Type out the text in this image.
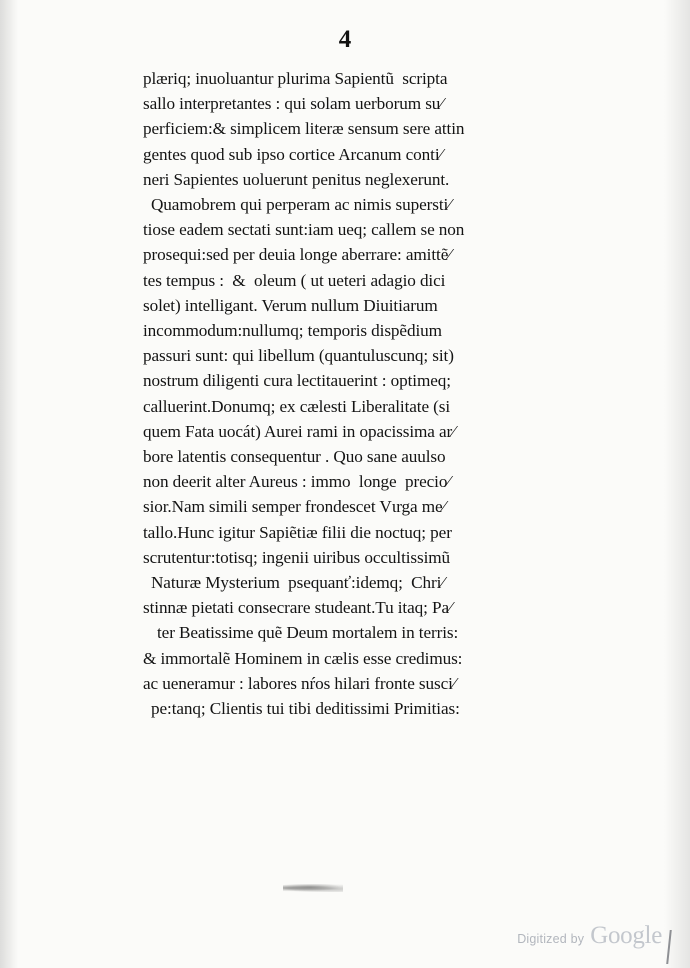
4
plæriq; inuoluantur plurima Sapientũ  scripta
sallo interpretantes : qui solam uerborum su⁄
perficiem:& simplicem literæ sensum sere attin
gentes quod sub ipso cortice Arcanum conti⁄
neri Sapientes uoluerunt penitus neglexerunt.
Quamobrem qui perperam ac nimis supersti⁄
tiose eadem sectati sunt:iam ueq; callem se non
prosequi:sed per deuia longe aberrare: amittẽ⁄
tes tempus :  &  oleum ( ut ueteri adagio dici
solet) intelligant. Verum nullum Diuitiarum
incommodum:nullumq; temporis dispẽdium
passuri sunt: qui libellum (quantuluscunq; sit)
nostrum diligenti cura lectitauerint : optimeq;
calluerint.Donumq; ex cælesti Liberalitate (si
quem Fata uocát) Aurei rami in opacissima ar⁄
bore latentis consequentur . Quo sane auulso
non deerit alter Aureus : immo  longe  precio⁄
sior.Nam simili semper frondescet Vιrga me⁄
tallo.Hunc igitur Sapiẽtiæ filii die noctuq; per
scrutentur:totisq; ingenii uiribus occultissimũ
Naturæ Mysterium  psequanť:idemq;  Chri⁄
stinnæ pietati consecrare studeant.Tu itaq; Pa⁄
ter Beatissime quẽ Deum mortalem in terris:
& immortalẽ Hominem in cælis esse credimus:
ac ueneramur : labores nŕos hilari fronte susci⁄
pe:tanq; Clientis tui tibi deditissimi Primitias:
Digitized by Google
